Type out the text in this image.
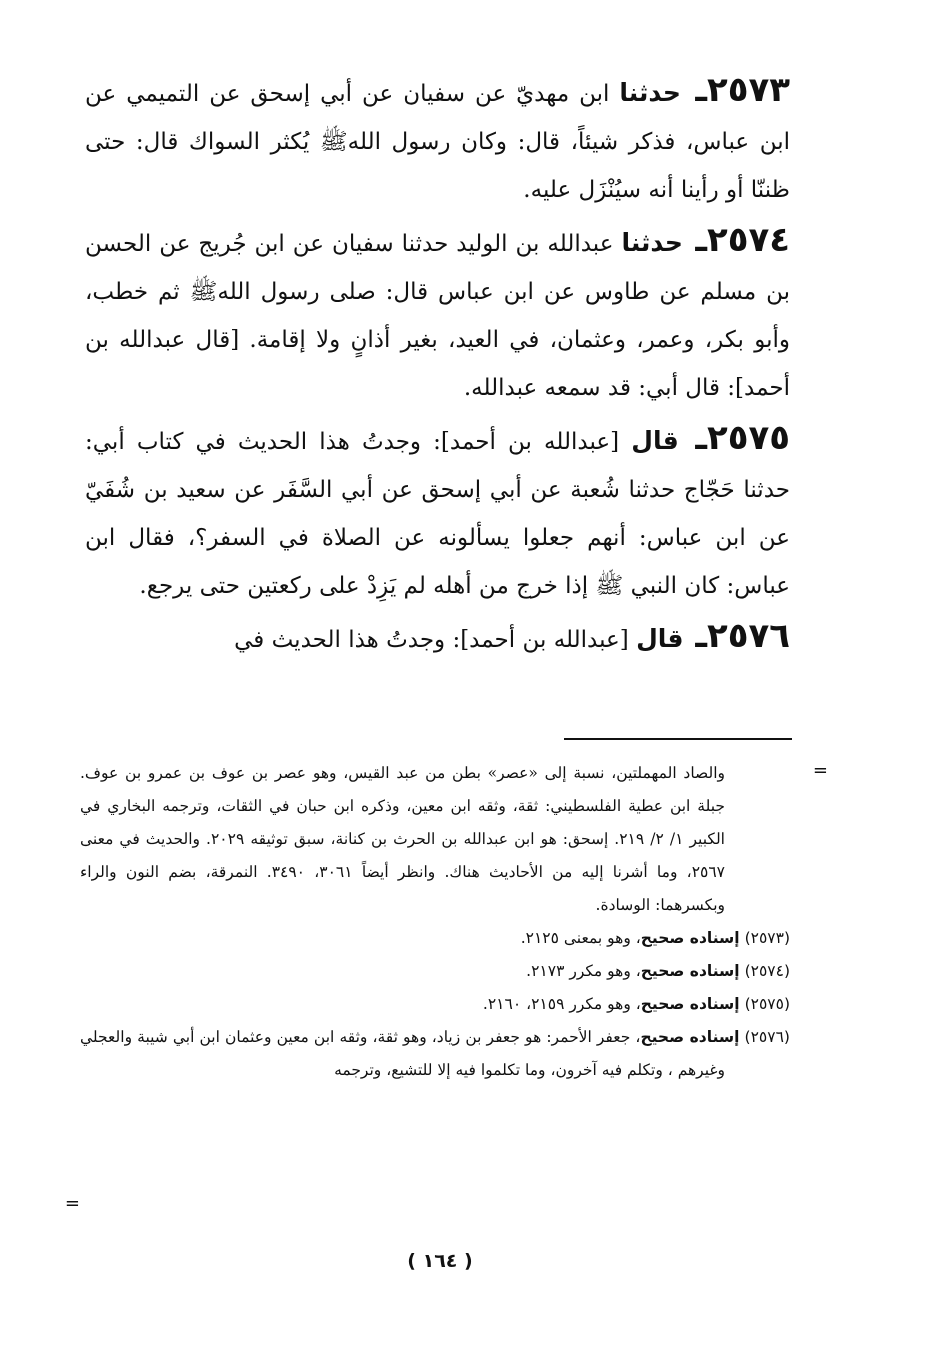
٢٥٧٣ـ حدثنا ابن مهديّ عن سفيان عن أبي إسحق عن التميمي عن ابن عباس، فذكر شيئاً، قال: وكان رسول اللهﷺ يُكثر السواك قال: حتى ظننّا أو رأينا أنه سيُنْزَل عليه.

٢٥٧٤ـ حدثنا عبدالله بن الوليد حدثنا سفيان عن ابن جُريج عن الحسن بن مسلم عن طاوس عن ابن عباس قال: صلى رسول اللهﷺ ثم خطب، وأبو بكر، وعمر، وعثمان، في العيد، بغير أذانٍ ولا إقامة. [قال عبدالله بن أحمد]: قال أبي: قد سمعه عبدالله.

٢٥٧٥ـ قال [عبدالله بن أحمد]: وجدتُ هذا الحديث في كتاب أبي: حدثنا حَجّاج حدثنا شُعبة عن أبي إسحق عن أبي السَّفَر عن سعيد بن شُفَيّ عن ابن عباس: أنهم جعلوا يسألونه عن الصلاة في السفر؟، فقال ابن عباس: كان النبي ﷺ إذا خرج من أهله لم يَزِدْ على ركعتين حتى يرجع.

٢٥٧٦ـ قال [عبدالله بن أحمد]: وجدتُ هذا الحديث في

=

والصاد المهملتين، نسبة إلى «عصر» بطن من عبد القيس، وهو عصر بن عوف بن عمرو بن عوف. جبلة ابن عطية الفلسطيني: ثقة، وثقه ابن معين، وذكره ابن حبان في الثقات، وترجمه البخاري في الكبير ١/ ٢/ ٢١٩. إسحق: هو ابن عبدالله بن الحرث بن كنانة، سبق توثيقه ٢٠٢٩. والحديث في معنى ٢٥٦٧، وما أشرنا إليه من الأحاديث هناك. وانظر أيضاً ٣٠٦١، ٣٤٩٠. النمرقة، بضم النون والراء وبكسرهما: الوسادة.

(٢٥٧٣) إسناده صحيح، وهو بمعنى ٢١٢٥.

(٢٥٧٤) إسناده صحيح، وهو مكرر ٢١٧٣.

(٢٥٧٥) إسناده صحيح، وهو مكرر ٢١٥٩، ٢١٦٠.

(٢٥٧٦) إسناده صحيح، جعفر الأحمر: هو جعفر بن زياد، وهو ثقة، وثقه ابن معين وعثمان ابن أبي شيبة والعجلي وغيرهم ، وتكلم فيه آخرون، وما تكلموا فيه إلا للتشيع، وترجمه

=
( ١٦٤ )
